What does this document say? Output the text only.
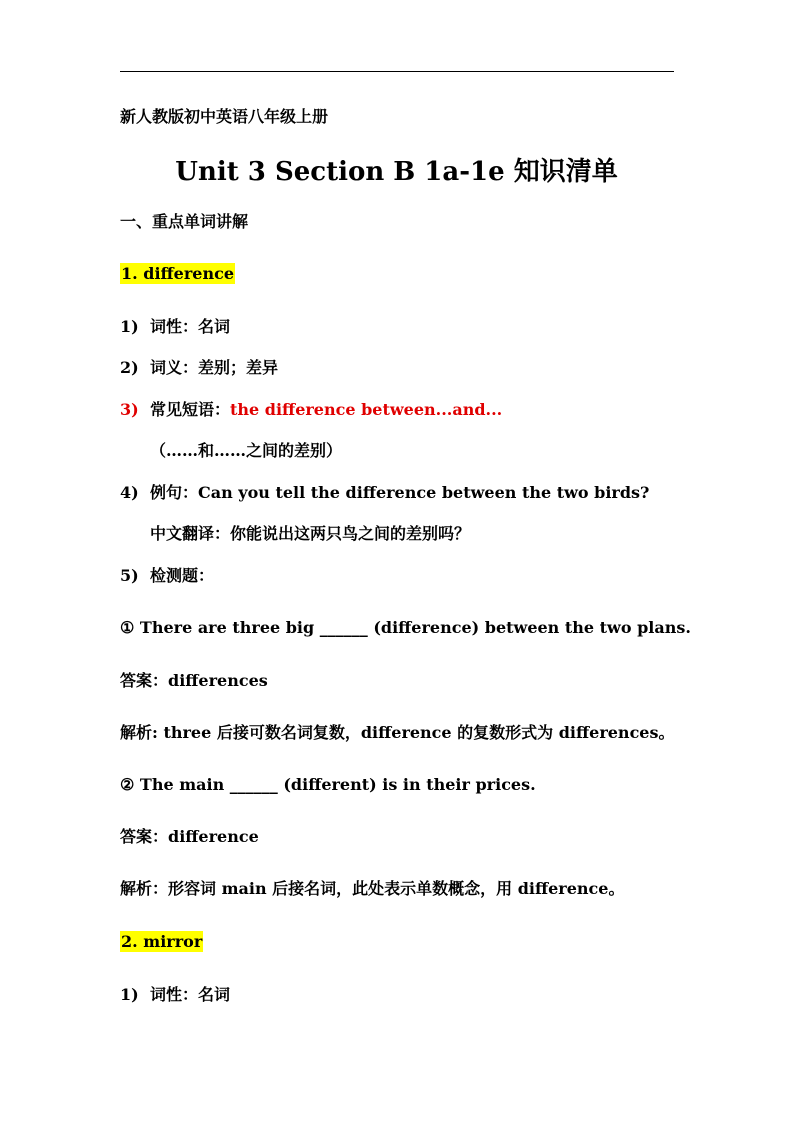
新人教版初中英语八年级上册
Unit 3 Section B 1a-1e 知识清单
一、重点单词讲解
1. difference
1) 词性：名词
2) 词义：差别；差异
3) 常见短语：the difference between...and...
（……和……之间的差别）
4) 例句：Can you tell the difference between the two birds?
中文翻译：你能说出这两只鸟之间的差别吗？
5) 检测题：
① There are three big ______ (difference) between the two plans.
答案：differences
解析: three 后接可数名词复数，difference 的复数形式为 differences。
② The main ______ (different) is in their prices.
答案：difference
解析：形容词 main 后接名词，此处表示单数概念，用 difference。
2. mirror
1) 词性：名词
